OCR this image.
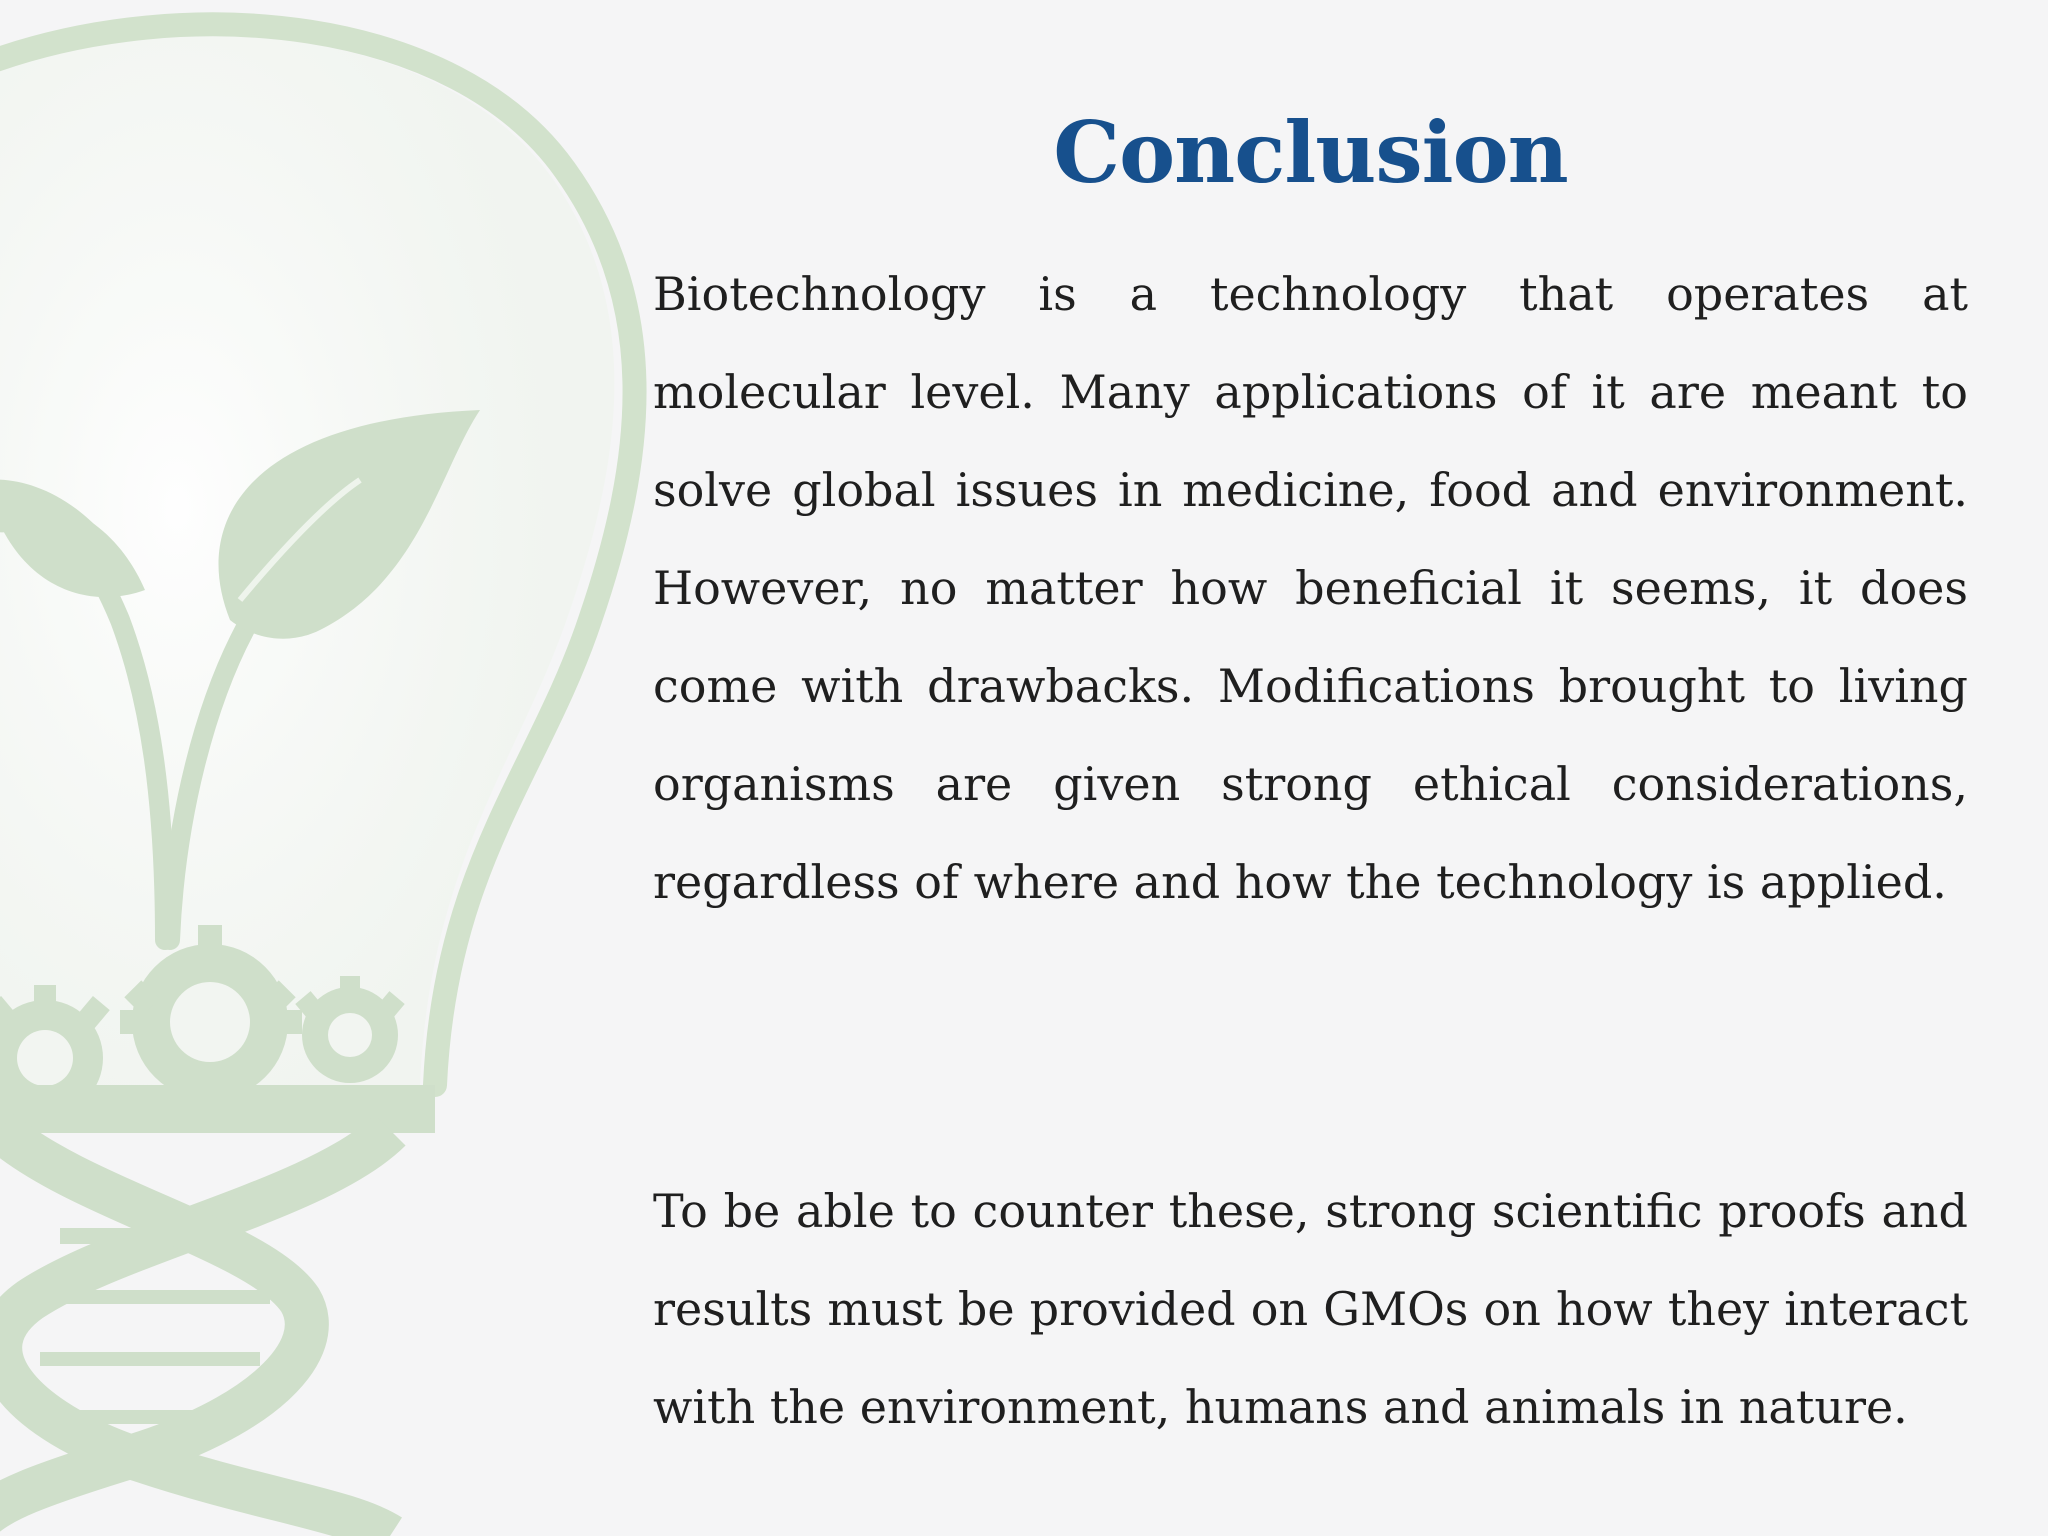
Conclusion

Biotechnology is a technology that operates at molecular level. Many applications of it are meant to solve global issues in medicine, food and environment. However, no matter how beneficial it seems, it does come with drawbacks. Modifications brought to living organisms are given strong ethical considerations, regardless of where and how the technology is applied.

To be able to counter these, strong scientific proofs and results must be provided on GMOs on how they interact with the environment, humans and animals in nature.
